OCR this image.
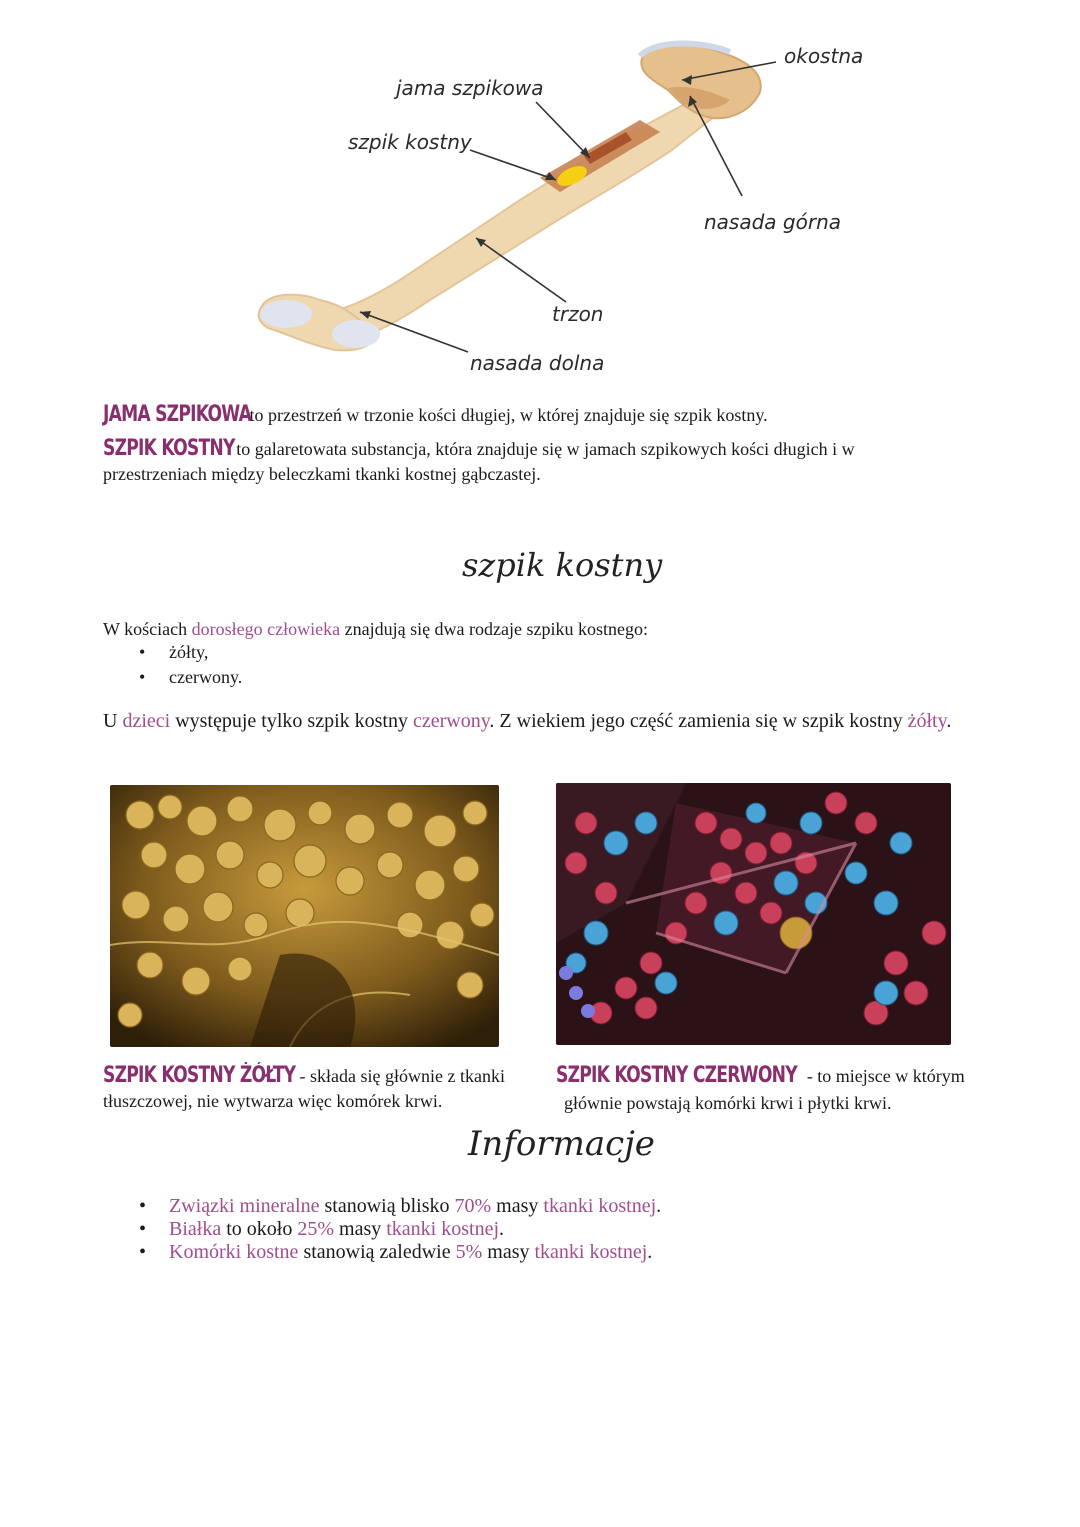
okostna
jama szpikowa
szpik kostny
nasada górna
trzon
nasada dolna
JAMA SZPIKOWA to przestrzeń w trzonie kości długiej, w której znajduje się szpik kostny.
SZPIK KOSTNY to galaretowata substancja, która znajduje się w jamach szpikowych kości długich i w przestrzeniach między beleczkami tkanki kostnej gąbczastej.
szpik kostny
W kościach dorosłego człowieka znajdują się dwa rodzaje szpiku kostnego:
• żółty,
• czerwony.
U dzieci występuje tylko szpik kostny czerwony. Z wiekiem jego część zamienia się w szpik kostny żółty.
SZPIK KOSTNY ŻÓŁTY - składa się głównie z tkanki tłuszczowej, nie wytwarza więc komórek krwi.
SZPIK KOSTNY CZERWONY - to miejsce w którym
głównie powstają komórki krwi i płytki krwi.
Informacje
• Związki mineralne stanowią blisko 70% masy tkanki kostnej.
• Białka to około 25% masy tkanki kostnej.
• Komórki kostne stanowią zaledwie 5% masy tkanki kostnej.
